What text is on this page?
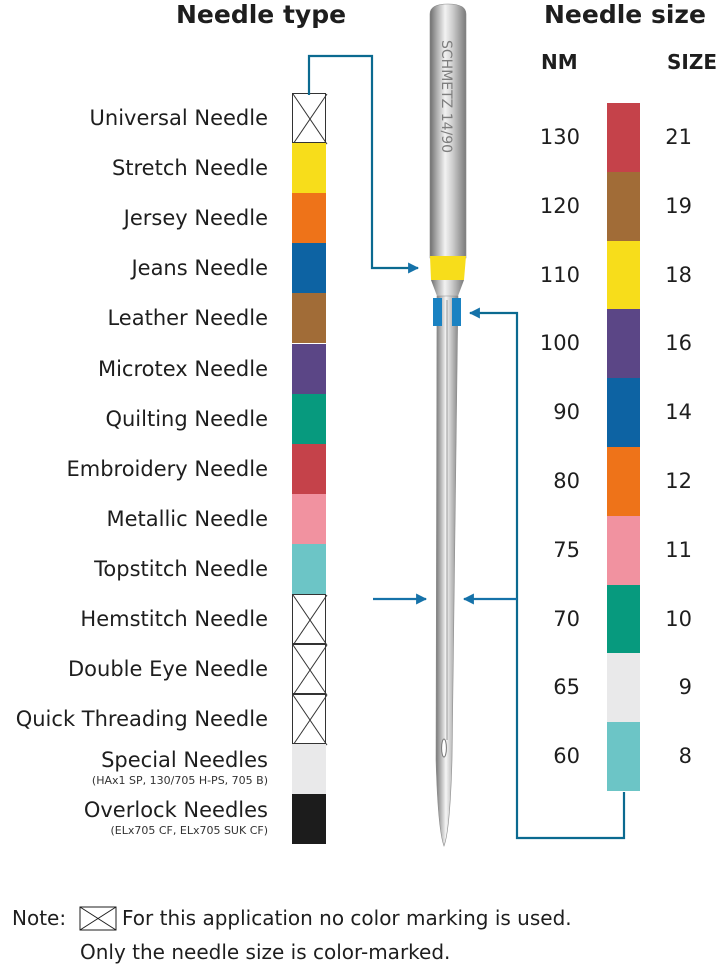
Needle type	Needle size
NM	SIZE
Universal Needle
Stretch Needle
Jersey Needle
Jeans Needle
Leather Needle
Microtex Needle
Quilting Needle
Embroidery Needle
Metallic Needle
Topstitch Needle
Hemstitch Needle
Double Eye Needle
Quick Threading Needle
(HAx1 SP, 130/705 H-PS, 705 B)
Special Needles
(ELx705 CF, ELx705 SUK CF)
Overlock Needles
130	21
120	19
110	18
100	16
90	14
80	12
75	11
70	10
65	9
60	8
SCHMETZ 14/90
Note:	For this application no color marking is used.
Only the needle size is color-marked.
